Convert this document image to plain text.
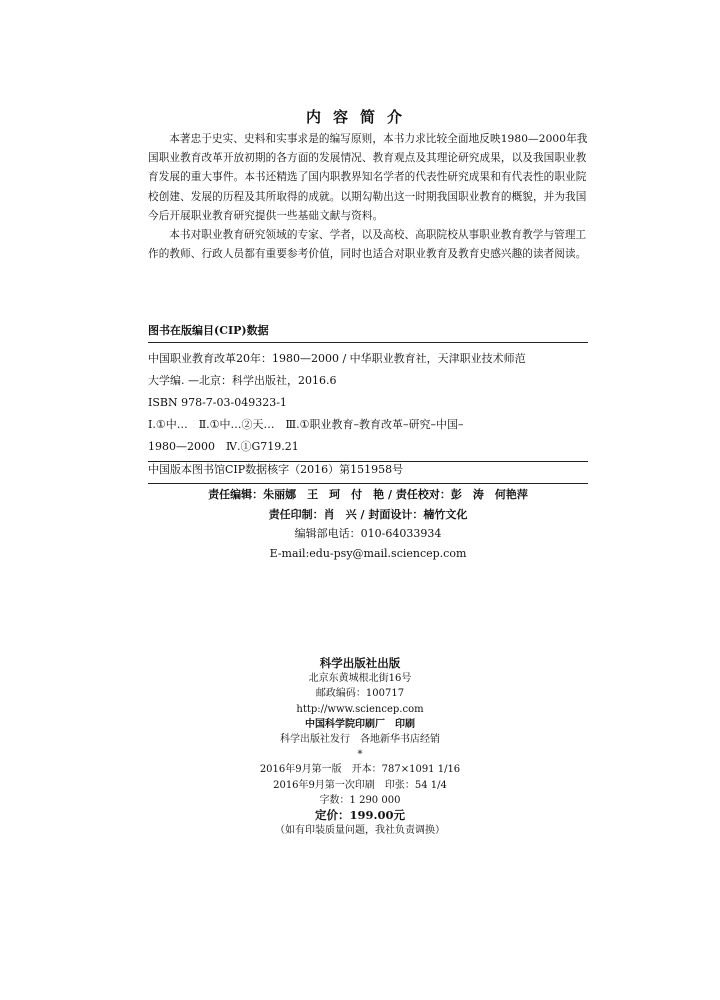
内容简介

本著忠于史实、史料和实事求是的编写原则，本书力求比较全面地反映1980—2000年我国职业教育改革开放初期的各方面的发展情况、教育观点及其理论研究成果，以及我国职业教育发展的重大事件。本书还精选了国内职教界知名学者的代表性研究成果和有代表性的职业院校创建、发展的历程及其所取得的成就。以期勾勒出这一时期我国职业教育的概貌，并为我国今后开展职业教育研究提供一些基础文献与资料。

本书对职业教育研究领域的专家、学者，以及高校、高职院校从事职业教育教学与管理工作的教师、行政人员都有重要参考价值，同时也适合对职业教育及教育史感兴趣的读者阅读。

图书在版编目(CIP)数据
中国职业教育改革20年：1980—2000 / 中华职业教育社，天津职业技术师范
大学编. —北京：科学出版社，2016.6
ISBN 978-7-03-049323-1
Ⅰ.①中…　Ⅱ.①中…②天…　Ⅲ.①职业教育–教育改革–研究–中国–
1980—2000　Ⅳ.①G719.21
中国版本图书馆CIP数据核字（2016）第151958号
责任编辑：朱丽娜　王　珂　付　艳 / 责任校对：彭　涛　何艳萍
责任印制：肖　兴 / 封面设计：楠竹文化
编辑部电话：010-64033934
E-mail:edu-psy@mail.sciencep.com
科学出版社出版
北京东黄城根北街16号
邮政编码：100717
http://www.sciencep.com
中国科学院印刷厂　印刷
科学出版社发行　各地新华书店经销
*
2016年9月第一版　开本：787×1091 1/16
2016年9月第一次印刷　印张：54 1/4
字数：1 290 000
定价：199.00元
（如有印装质量问题，我社负责调换）
